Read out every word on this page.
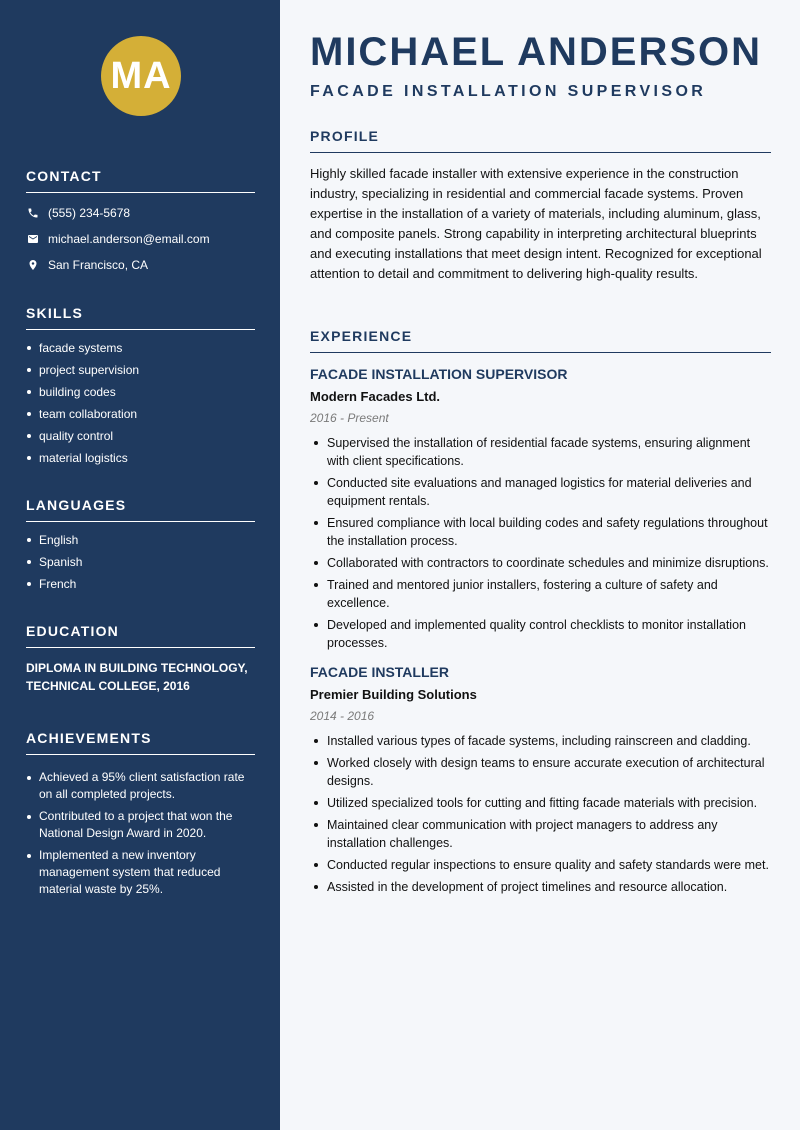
MA
CONTACT
(555) 234-5678
michael.anderson@email.com
San Francisco, CA
SKILLS
facade systems
project supervision
building codes
team collaboration
quality control
material logistics
LANGUAGES
English
Spanish
French
EDUCATION
DIPLOMA IN BUILDING TECHNOLOGY, TECHNICAL COLLEGE, 2016
ACHIEVEMENTS
Achieved a 95% client satisfaction rate on all completed projects.
Contributed to a project that won the National Design Award in 2020.
Implemented a new inventory management system that reduced material waste by 25%.
MICHAEL ANDERSON
FACADE INSTALLATION SUPERVISOR
PROFILE

Highly skilled facade installer with extensive experience in the construction industry, specializing in residential and commercial facade systems. Proven expertise in the installation of a variety of materials, including aluminum, glass, and composite panels. Strong capability in interpreting architectural blueprints and executing installations that meet design intent. Recognized for exceptional attention to detail and commitment to delivering high-quality results.

EXPERIENCE

FACADE INSTALLATION SUPERVISOR

Modern Facades Ltd.

2016 - Present

Supervised the installation of residential facade systems, ensuring alignment with client specifications.
Conducted site evaluations and managed logistics for material deliveries and equipment rentals.
Ensured compliance with local building codes and safety regulations throughout the installation process.
Collaborated with contractors to coordinate schedules and minimize disruptions.
Trained and mentored junior installers, fostering a culture of safety and excellence.
Developed and implemented quality control checklists to monitor installation processes.

FACADE INSTALLER

Premier Building Solutions

2014 - 2016

Installed various types of facade systems, including rainscreen and cladding.
Worked closely with design teams to ensure accurate execution of architectural designs.
Utilized specialized tools for cutting and fitting facade materials with precision.
Maintained clear communication with project managers to address any installation challenges.
Conducted regular inspections to ensure quality and safety standards were met.
Assisted in the development of project timelines and resource allocation.
